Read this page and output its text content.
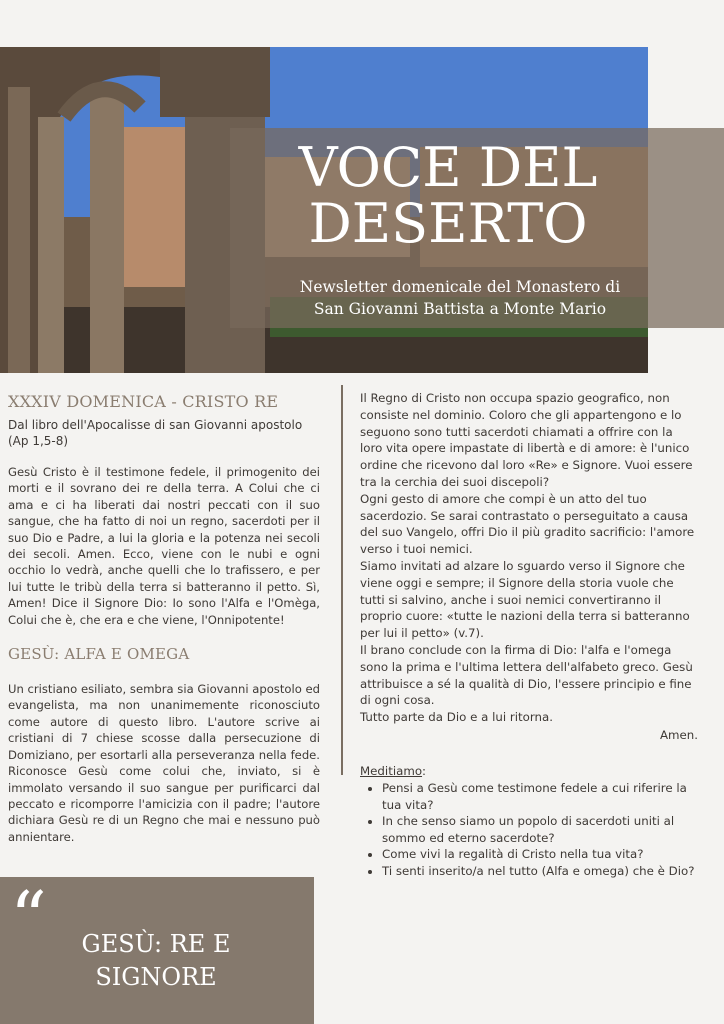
VOCE DEL DESERTO
Newsletter domenicale del Monastero di
San Giovanni Battista a Monte Mario
XXXIV DOMENICA - CRISTO RE

Dal libro dell'Apocalisse di san Giovanni apostolo (Ap 1,5-8)

Gesù Cristo è il testimone fedele, il primogenito dei morti e il sovrano dei re della terra. A Colui che ci ama e ci ha liberati dai nostri peccati con il suo sangue, che ha fatto di noi un regno, sacerdoti per il suo Dio e Padre, a lui la gloria e la potenza nei secoli dei secoli. Amen. Ecco, viene con le nubi e ogni occhio lo vedrà, anche quelli che lo trafissero, e per lui tutte le tribù della terra si batteranno il petto. Sì, Amen! Dice il Signore Dio: Io sono l'Alfa e l'Omèga, Colui che è, che era e che viene, l'Onnipotente!

GESÙ: ALFA E OMEGA

Un cristiano esiliato, sembra sia Giovanni apostolo ed evangelista, ma non unanimemente riconosciuto come autore di questo libro. L'autore scrive ai cristiani di 7 chiese scosse dalla persecuzione di Domiziano, per esortarli alla perseveranza nella fede. Riconosce Gesù come colui che, inviato, si è immolato versando il suo sangue per purificarci dal peccato e ricomporre l'amicizia con il padre; l'autore dichiara Gesù re di un Regno che mai e nessuno può annientare.

Il Regno di Cristo non occupa spazio geografico, non consiste nel dominio. Coloro che gli appartengono e lo seguono sono tutti sacerdoti chiamati a offrire con la loro vita opere impastate di libertà e di amore: è l'unico ordine che ricevono dal loro «Re» e Signore. Vuoi essere tra la cerchia dei suoi discepoli?

Ogni gesto di amore che compi è un atto del tuo sacerdozio. Se sarai contrastato o perseguitato a causa del suo Vangelo, offri Dio il più gradito sacrificio: l'amore verso i tuoi nemici.

Siamo invitati ad alzare lo sguardo verso il Signore che viene oggi e sempre; il Signore della storia vuole che tutti si salvino, anche i suoi nemici convertiranno il proprio cuore: «tutte le nazioni della terra si batteranno per lui il petto» (v.7).

Il brano conclude con la firma di Dio: l'alfa e l'omega sono la prima e l'ultima lettera dell'alfabeto greco. Gesù attribuisce a sé la qualità di Dio, l'essere principio e fine di ogni cosa.

Tutto parte da Dio e a lui ritorna.

Amen.

Meditiamo:

• Pensi a Gesù come testimone fedele a cui riferire la tua vita?
• In che senso siamo un popolo di sacerdoti uniti al sommo ed eterno sacerdote?
• Come vivi la regalità di Cristo nella tua vita?
• Ti senti inserito/a nel tutto (Alfa e omega) che è Dio?
“	GESÙ: RE E SIGNORE
